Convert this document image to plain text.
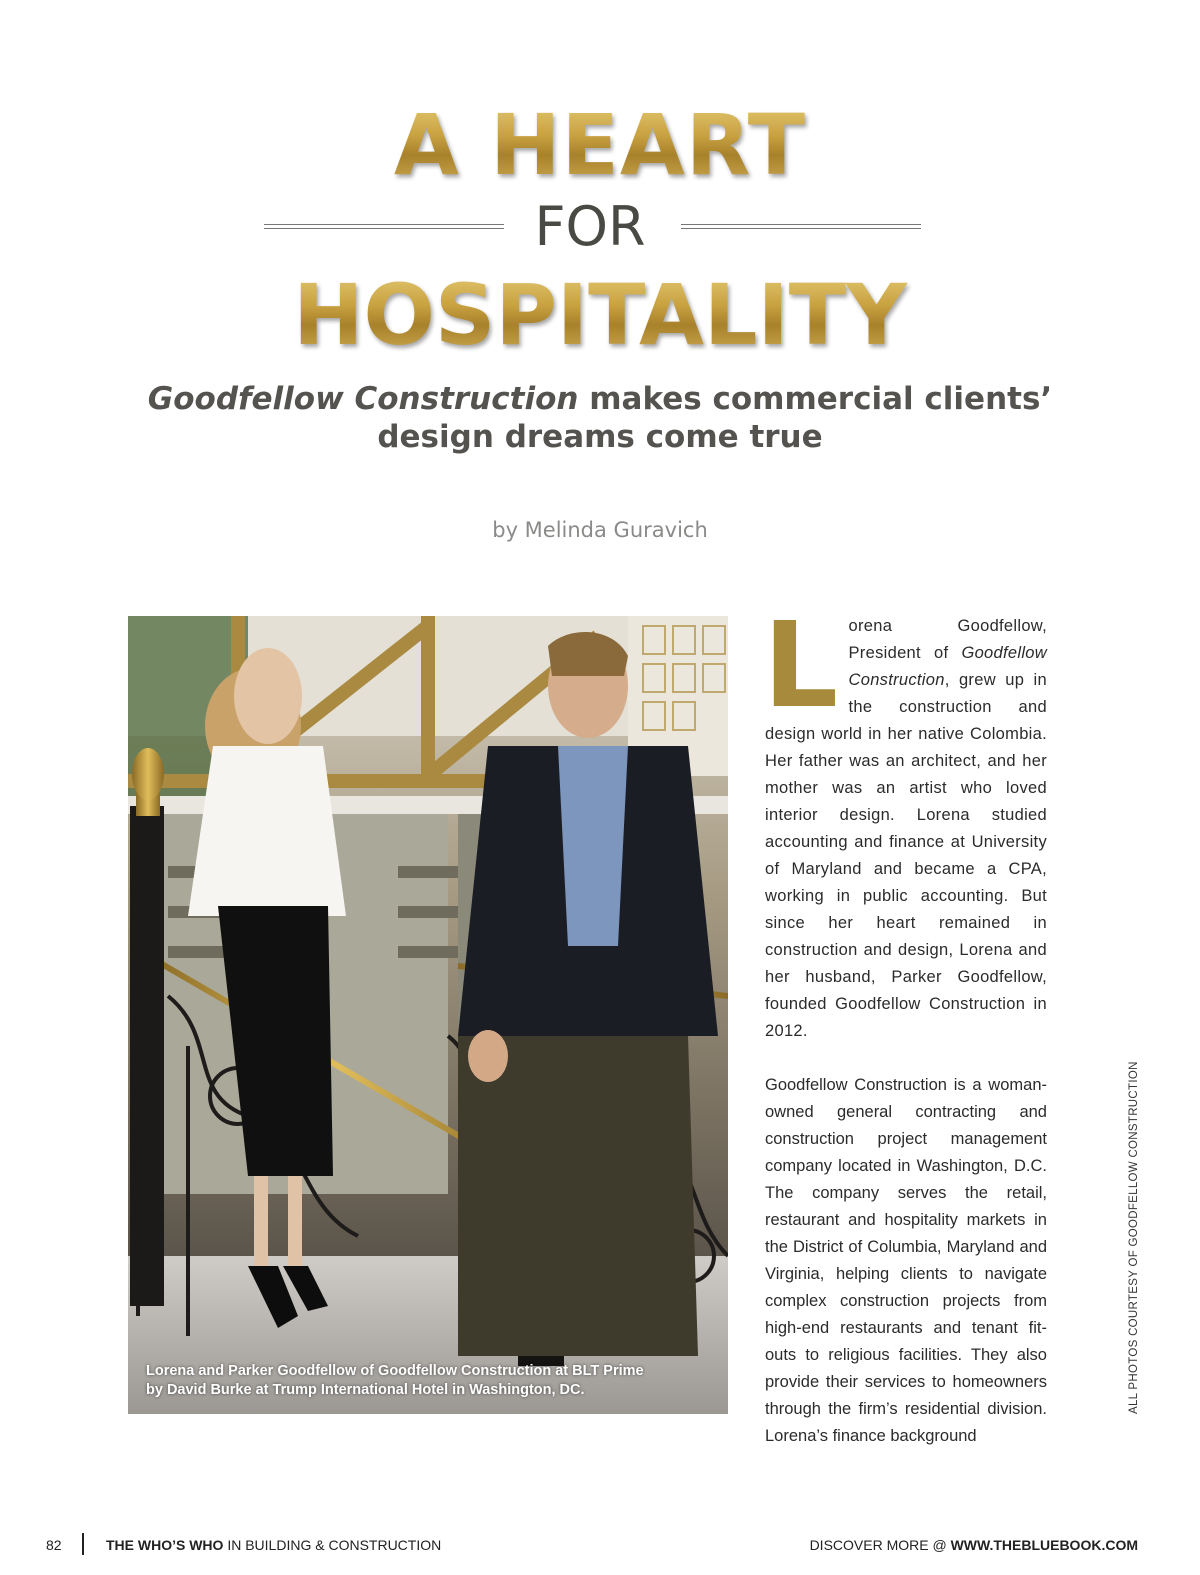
A HEART
FOR
HOSPITALITY
Goodfellow Construction makes commercial clients’
design dreams come true
by Melinda Guravich
Lorena and Parker Goodfellow of Goodfellow Construction at BLT Prime
by David Burke at Trump International Hotel in Washington, DC.

Lorena Goodfellow, President of Goodfellow Construction, grew up in the construction and design world in her native Colombia. Her father was an architect, and her mother was an artist who loved interior design. Lorena studied accounting and finance at University of Maryland and became a CPA, working in public accounting. But since her heart remained in construction and design, Lorena and her husband, Parker Goodfellow, founded Goodfellow Construction in 2012.

Goodfellow Construction is a woman-owned general contracting and construction project management company located in Washington, D.C. The company serves the retail, restaurant and hospitality markets in the District of Columbia, Maryland and Virginia, helping clients to navigate complex construction projects from high-end restaurants and tenant fit-outs to religious facilities. They also provide their services to homeowners through the firm’s residential division. Lorena’s finance background

ALL PHOTOS COURTESY OF GOODFELLOW CONSTRUCTION
82	THE WHO’S WHO IN BUILDING & CONSTRUCTION	DISCOVER MORE @ WWW.THEBLUEBOOK.COM
